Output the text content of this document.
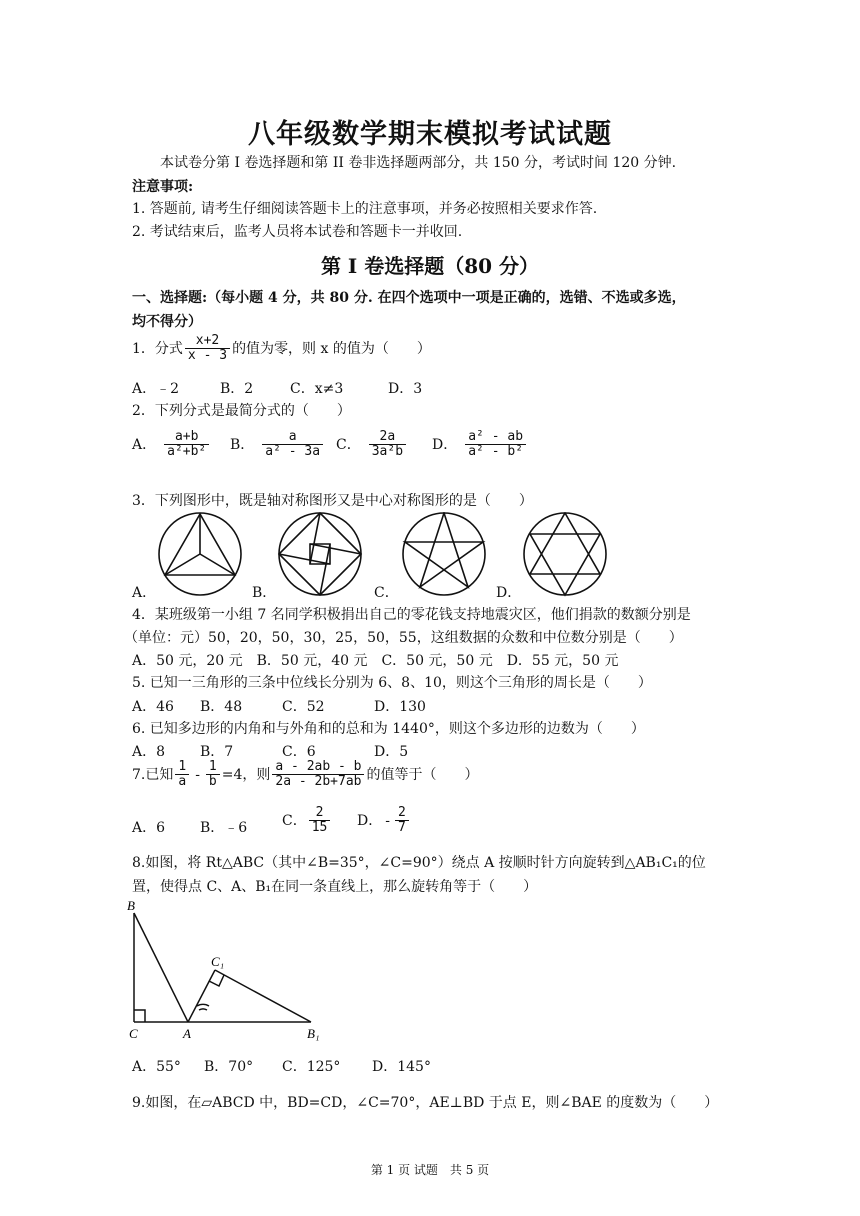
八年级数学期末模拟考试试题
本试卷分第 I 卷选择题和第 II 卷非选择题两部分，共 150 分，考试时间 120 分钟.
注意事项:
1. 答题前, 请考生仔细阅读答题卡上的注意事项，并务必按照相关要求作答.
2. 考试结束后，监考人员将本试卷和答题卡一并收回.
第 I 卷选择题（80 分）
一、选择题:（每小题 4 分，共 80 分. 在四个选项中一项是正确的，选错、不选或多选，
均不得分）
1．分式 $\frac{x+2}{x - 3}$ 的值为零，则 x 的值为（　　）
A．﹣2	B．2	C．x≠3	D．3
2．下列分式是最简分式的（　　）
A． $\frac{a+b}{\text{a²+b²}}$ B． $\frac{a}{\text{a² - 3a}}$ C． $\frac{2a}{\text{3a²b}}$ D． $\frac{\text{a² - ab}}{\text{a² - b²}}$
3．下列图形中，既是轴对称图形又是中心对称图形的是（　　）
A．	B．	C．	D．
4．某班级第一小组 7 名同学积极捐出自己的零花钱支持地震灾区，他们捐款的数额分别是
（单位：元）50，20，50，30，25，50，55，这组数据的众数和中位数分别是（　　）
A．50 元，20 元　B．50 元，40 元　C．50 元，50 元　D．55 元，50 元
5. 已知一三角形的三条中位线长分别为 6、8、10，则这个三角形的周长是（　　）
A．46 B．48	C．52	D．130
6. 已知多边形的内角和与外角和的总和为 1440°，则这个多边形的边数为（　　）
A．8 B．7	C．6	D．5
7.已知 $\frac{1}{a} - \frac{1}{b} =4$，则 $\frac{a - 2ab - b}{2a - 2b+7ab}$ 的值等于（　　）
A．6 B．﹣6 C． $\frac{2}{15}$ D． - $\frac{2}{7}$
8.如图，将 Rt△ABC（其中∠B=35°，∠C=90°）绕点 A 按顺时针方向旋转到△AB₁C₁的位
置，使得点 C、A、B₁在同一条直线上，那么旋转角等于（　　）
B
C	A	B₁
C₁
A．55° B．70° C．125° D．145°
9.如图，在▱ABCD 中，BD=CD，∠C=70°，AE⊥BD 于点 E，则∠BAE 的度数为（　　）
第 1 页 试题　共 5 页
